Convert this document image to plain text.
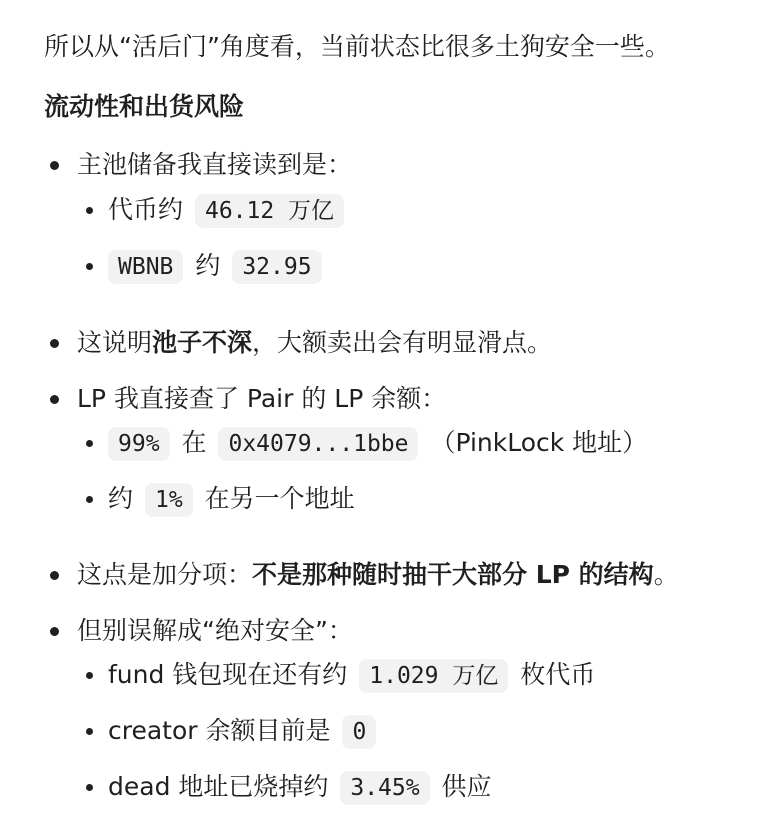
所以从“活后门”角度看，当前状态比很多土狗安全一些。
流动性和出货风险
主池储备我直接读到是：
代币约 46.12 万亿
WBNB 约 32.95
这说明池子不深，大额卖出会有明显滑点。
LP 我直接查了 Pair 的 LP 余额：
99% 在 0x4079...1bbe （PinkLock 地址）
约 1% 在另一个地址
这点是加分项：不是那种随时抽干大部分 LP 的结构。
但别误解成“绝对安全”：
fund 钱包现在还有约 1.029 万亿 枚代币
creator 余额目前是 0
dead 地址已烧掉约 3.45% 供应
